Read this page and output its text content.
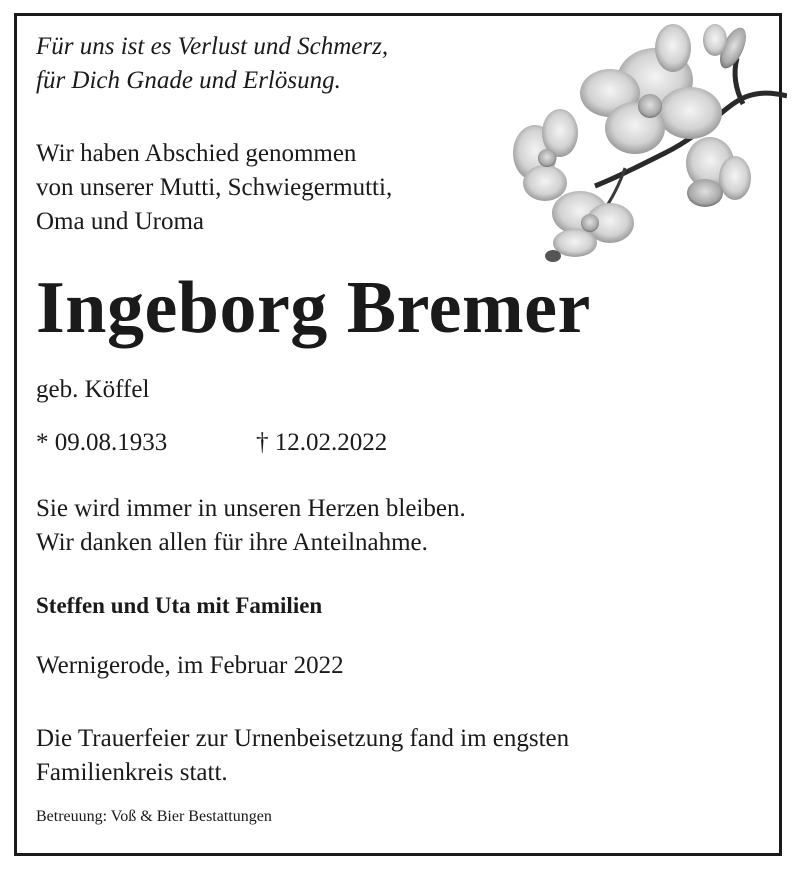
Für uns ist es Verlust und Schmerz,
für Dich Gnade und Erlösung.
Wir haben Abschied genommen
von unserer Mutti, Schwiegermutti,
Oma und Uroma
Ingeborg Bremer
geb. Köffel
* 09.08.1933	† 12.02.2022
Sie wird immer in unseren Herzen bleiben.
Wir danken allen für ihre Anteilnahme.
Steffen und Uta mit Familien
Wernigerode, im Februar 2022
Die Trauerfeier zur Urnenbeisetzung fand im engsten
Familienkreis statt.
Betreuung: Voß & Bier Bestattungen
